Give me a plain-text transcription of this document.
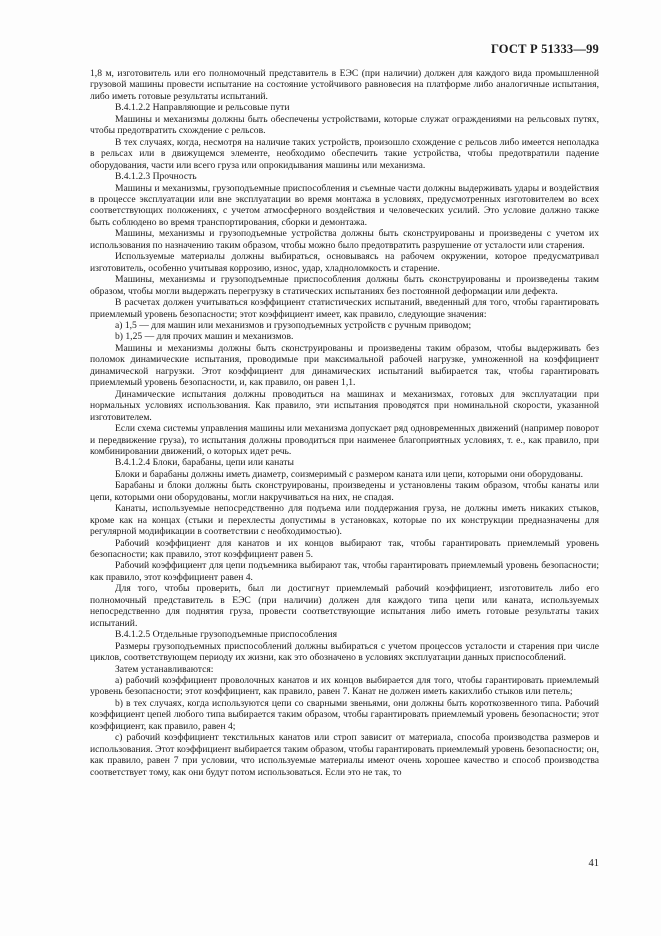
ГОСТ Р 51333—99

1,8 м, изготовитель или его полномочный представитель в ЕЭС (при наличии) должен для каждого вида промышленной грузовой машины провести испытание на состояние устойчивого равновесия на платформе либо аналогичные испытания, либо иметь готовые результаты испытаний.

В.4.1.2.2 Направляющие и рельсовые пути

Машины и механизмы должны быть обеспечены устройствами, которые служат ограждениями на рельсовых путях, чтобы предотвратить схождение с рельсов.

В тех случаях, когда, несмотря на наличие таких устройств, произошло схождение с рельсов либо имеется неполадка в рельсах или в движущемся элементе, необходимо обеспечить такие устройства, чтобы предотвратили падение оборудования, части или всего груза или опрокидывания машины или механизма.

В.4.1.2.3 Прочность

Машины и механизмы, грузоподъемные приспособления и съемные части должны выдерживать удары и воздействия в процессе эксплуатации или вне эксплуатации во время монтажа в условиях, предусмотренных изготовителем во всех соответствующих положениях, с учетом атмосферного воздействия и человеческих усилий. Это условие должно также быть соблюдено во время транспортирования, сборки и демонтажа.

Машины, механизмы и грузоподъемные устройства должны быть сконструированы и произведены с учетом их использования по назначению таким образом, чтобы можно было предотвратить разрушение от усталости или старения.

Используемые материалы должны выбираться, основываясь на рабочем окружении, которое предусматривал изготовитель, особенно учитывая коррозию, износ, удар, хладноломкость и старение.

Машины, механизмы и грузоподъемные приспособления должны быть сконструированы и произведены таким образом, чтобы могли выдержать перегрузку в статических испытаниях без постоянной деформации или дефекта.

В расчетах должен учитываться коэффициент статистических испытаний, введенный для того, чтобы гарантировать приемлемый уровень безопасности; этот коэффициент имеет, как правило, следующие значения:

а) 1,5 — для машин или механизмов и грузоподъемных устройств с ручным приводом;

b) 1,25 — для прочих машин и механизмов.

Машины и механизмы должны быть сконструированы и произведены таким образом, чтобы выдерживать без поломок динамические испытания, проводимые при максимальной рабочей нагрузке, умноженной на коэффициент динамической нагрузки. Этот коэффициент для динамических испытаний выбирается так, чтобы гарантировать приемлемый уровень безопасности, и, как правило, он равен 1,1.

Динамические испытания должны проводиться на машинах и механизмах, готовых для эксплуатации при нормальных условиях использования. Как правило, эти испытания проводятся при номинальной скорости, указанной изготовителем.

Если схема системы управления машины или механизма допускает ряд одновременных движений (например поворот и передвижение груза), то испытания должны проводиться при наименее благоприятных условиях, т. е., как правило, при комбинировании движений, о которых идет речь.

В.4.1.2.4 Блоки, барабаны, цепи или канаты

Блоки и барабаны должны иметь диаметр, соизмеримый с размером каната или цепи, которыми они оборудованы.

Барабаны и блоки должны быть сконструированы, произведены и установлены таким образом, чтобы канаты или цепи, которыми они оборудованы, могли накручиваться на них, не спадая.

Канаты, используемые непосредственно для подъема или поддержания груза, не должны иметь никаких стыков, кроме как на концах (стыки и перехлесты допустимы в установках, которые по их конструкции предназначены для регулярной модификации в соответствии с необходимостью).

Рабочий коэффициент для канатов и их концов выбирают так, чтобы гарантировать приемлемый уровень безопасности; как правило, этот коэффициент равен 5.

Рабочий коэффициент для цепи подъемника выбирают так, чтобы гарантировать приемлемый уровень безопасности; как правило, этот коэффициент равен 4.

Для того, чтобы проверить, был ли достигнут приемлемый рабочий коэффициент, изготовитель либо его полномочный представитель в ЕЭС (при наличии) должен для каждого типа цепи или каната, используемых непосредственно для поднятия груза, провести соответствующие испытания либо иметь готовые результаты таких испытаний.

В.4.1.2.5 Отдельные грузоподъемные приспособления

Размеры грузоподъемных приспособлений должны выбираться с учетом процессов усталости и старения при числе циклов, соответствующем периоду их жизни, как это обозначено в условиях эксплуатации данных приспособлений.

Затем устанавливаются:

а) рабочий коэффициент проволочных канатов и их концов выбирается для того, чтобы гарантировать приемлемый уровень безопасности; этот коэффициент, как правило, равен 7. Канат не должен иметь какихлибо стыков или петель;

b) в тех случаях, когда используются цепи со сварными звеньями, они должны быть короткозвенного типа. Рабочий коэффициент цепей любого типа выбирается таким образом, чтобы гарантировать приемлемый уровень безопасности; этот коэффициент, как правило, равен 4;

с) рабочий коэффициент текстильных канатов или строп зависит от материала, способа производства размеров и использования. Этот коэффициент выбирается таким образом, чтобы гарантировать приемлемый уровень безопасности; он, как правило, равен 7 при условии, что используемые материалы имеют очень хорошее качество и способ производства соответствует тому, как они будут потом использоваться. Если это не так, то

41
